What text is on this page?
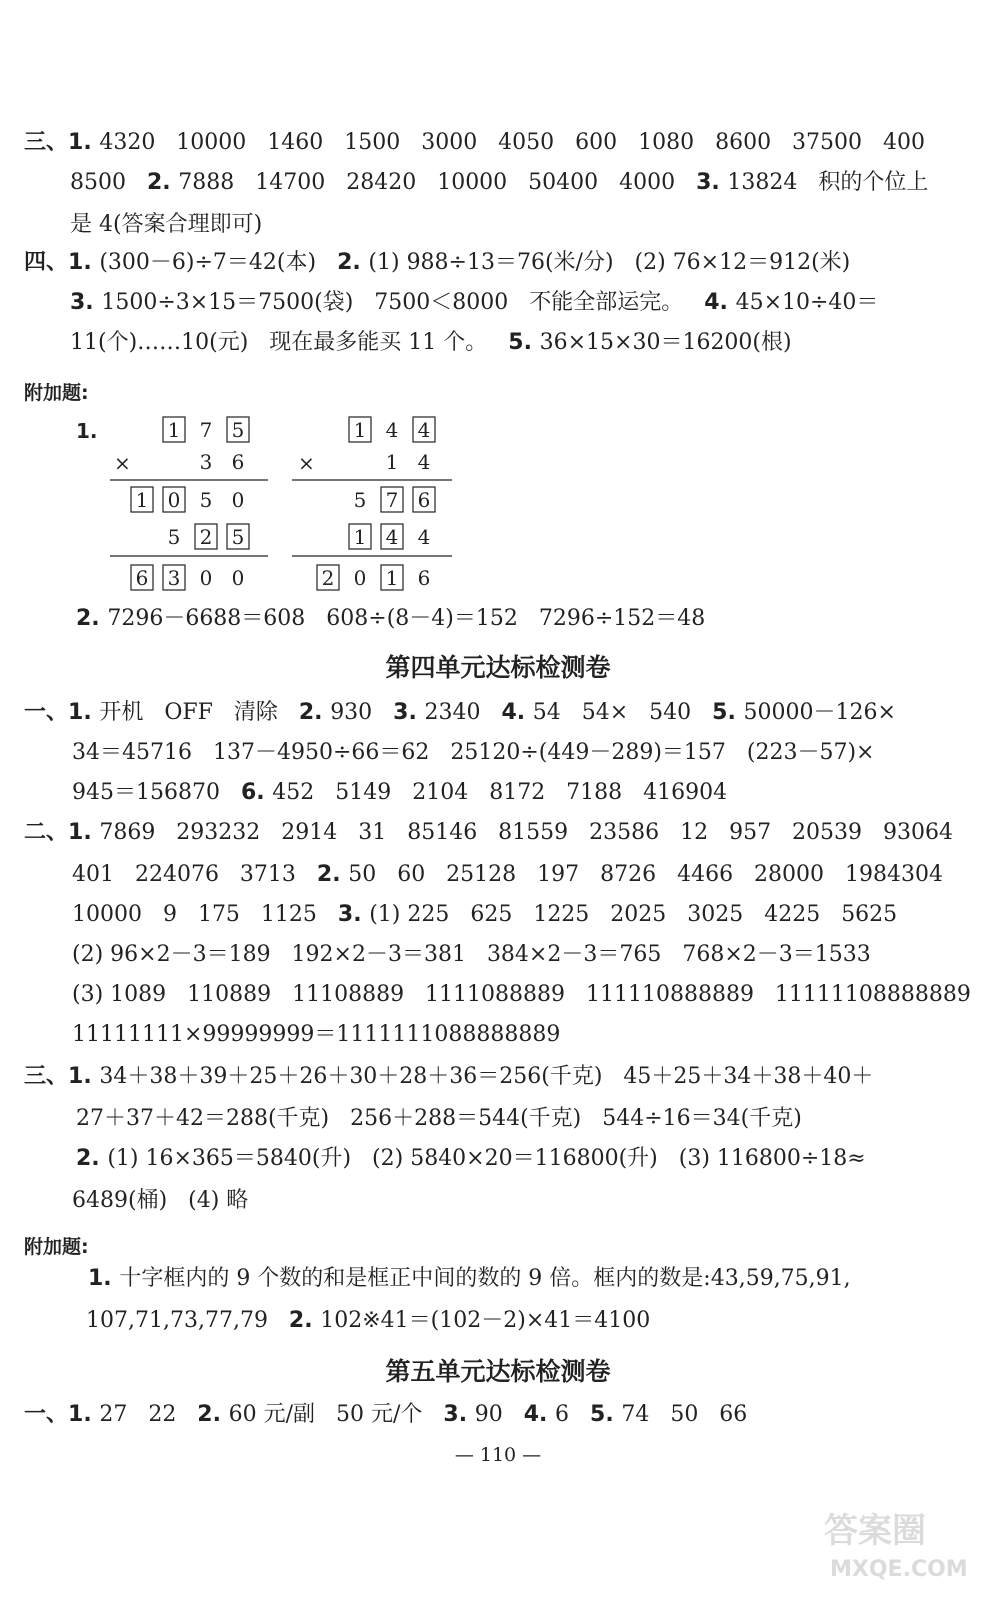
三、1. 4320   10000   1460   1500   3000   4050   600   1080   8600   37500   400
8500   2. 7888   14700   28420   10000   50400   4000   3. 13824   积的个位上
是 4(答案合理即可)
四、1. (300－6)÷7＝42(本)   2. (1) 988÷13＝76(米/分)   (2) 76×12＝912(米)
3. 1500÷3×15＝7500(袋)   7500＜8000   不能全部运完。   4. 45×10÷40＝
11(个)……10(元)   现在最多能买 11 个。   5. 36×15×30＝16200(根)
2. 7296－6688＝608   608÷(8－4)＝152   7296÷152＝48
一、1. 开机   OFF   清除   2. 930   3. 2340   4. 54   54×   540   5. 50000－126×
34＝45716   137－4950÷66＝62   25120÷(449－289)＝157   (223－57)×
945＝156870   6. 452   5149   2104   8172   7188   416904
二、1. 7869   293232   2914   31   85146   81559   23586   12   957   20539   93064
401   224076   3713   2. 50   60   25128   197   8726   4466   28000   1984304
10000   9   175   1125   3. (1) 225   625   1225   2025   3025   4225   5625
(2) 96×2－3＝189   192×2－3＝381   384×2－3＝765   768×2－3＝1533
(3) 1089   110889   11108889   1111088889   111110888889   11111108888889
11111111×99999999＝1111111088888889
三、1. 34＋38＋39＋25＋26＋30＋28＋36＝256(千克)   45＋25＋34＋38＋40＋
27＋37＋42＝288(千克)   256＋288＝544(千克)   544÷16＝34(千克)
2. (1) 16×365＝5840(升)   (2) 5840×20＝116800(升)   (3) 116800÷18≈
6489(桶)   (4) 略
1. 十字框内的 9 个数的和是框正中间的数的 9 倍。框内的数是:43,59,75,91,
107,71,73,77,79   2. 102※41＝(102－2)×41＝4100
一、1. 27   22   2. 60 元/副   50 元/个   3. 90   4. 6   5. 74   50   66
附加题:
附加题:
第四单元达标检测卷
第五单元达标检测卷
1.
×
1 7 5
3 6
1 0 5 0
5 2 5
6 3 0 0
×
1 4 4
1 4
5 7 6
1 4 4
2 0 1 6
— 110 —
答案圈
MXQE.COM
